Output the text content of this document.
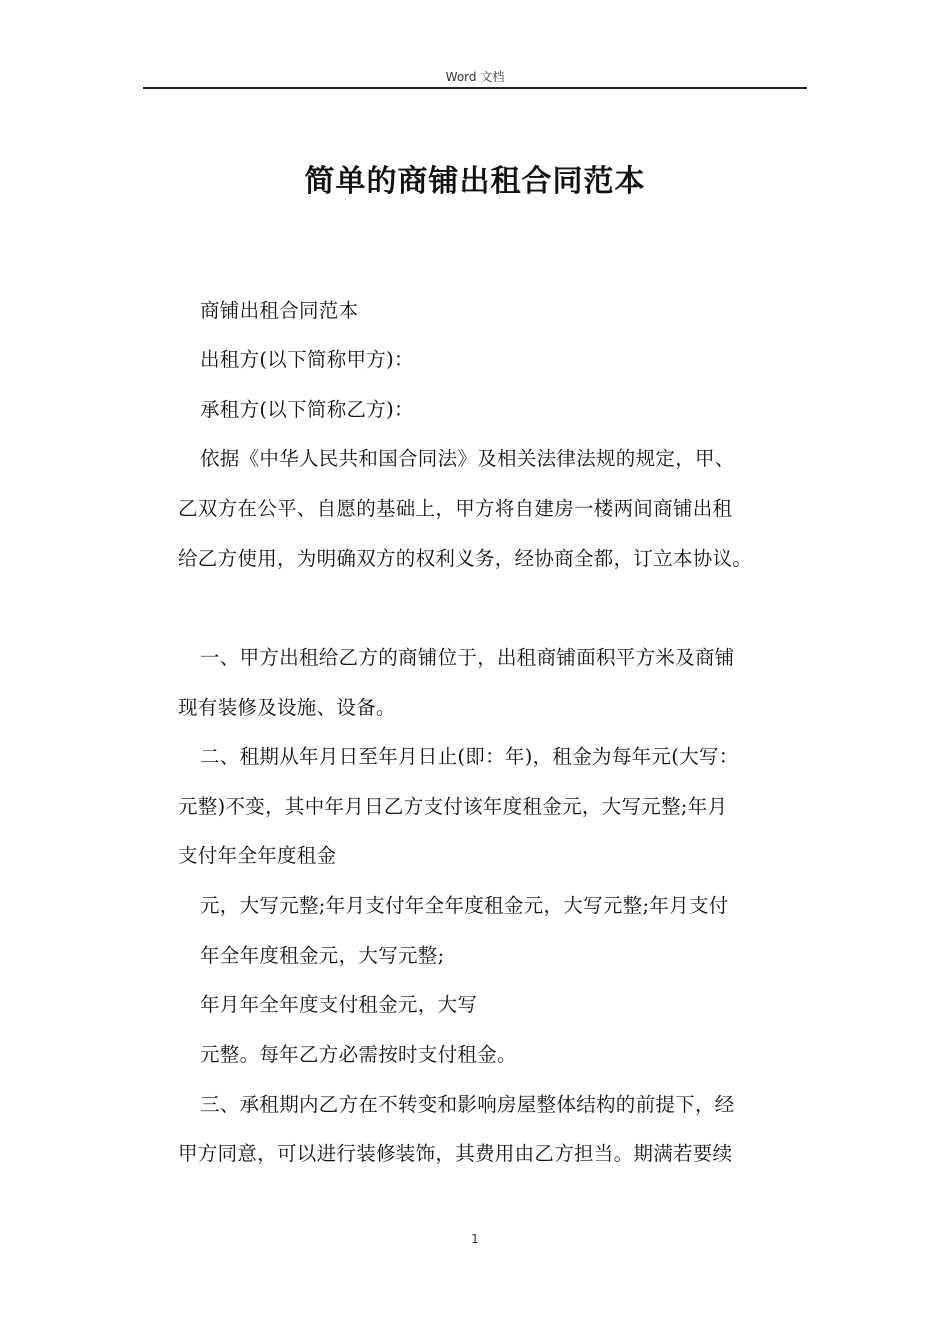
Word 文档
简单的商铺出租合同范本
商铺出租合同范本
出租方(以下简称甲方)：
承租方(以下简称乙方)：
依据《中华人民共和国合同法》及相关法律法规的规定，甲、
乙双方在公平、自愿的基础上，甲方将自建房一楼两间商铺出租
给乙方使用，为明确双方的权利义务，经协商全都，订立本协议。
一、甲方出租给乙方的商铺位于，出租商铺面积平方米及商铺
现有装修及设施、设备。
二、租期从年月日至年月日止(即：年)，租金为每年元(大写：
元整)不变，其中年月日乙方支付该年度租金元，大写元整;年月
支付年全年度租金
元，大写元整;年月支付年全年度租金元，大写元整;年月支付
年全年度租金元，大写元整;
年月年全年度支付租金元，大写
元整。每年乙方必需按时支付租金。
三、承租期内乙方在不转变和影响房屋整体结构的前提下，经
甲方同意，可以进行装修装饰，其费用由乙方担当。期满若要续
1
